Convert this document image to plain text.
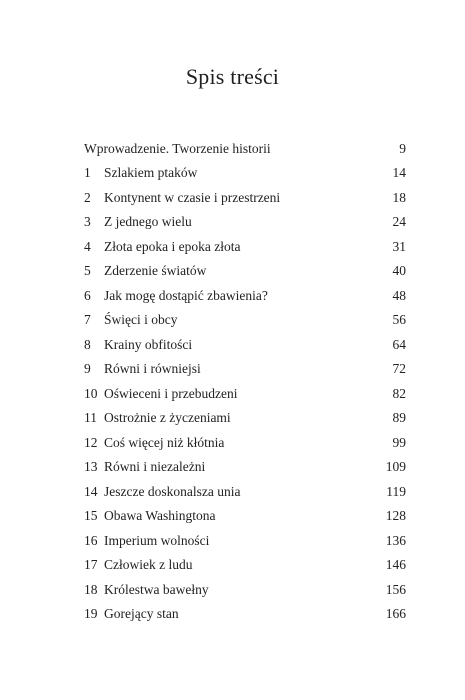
Spis treści
Wprowadzenie. Tworzenie historii	9
1 Szlakiem ptaków	14
2 Kontynent w czasie i przestrzeni	18
3 Z jednego wielu	24
4 Złota epoka i epoka złota	31
5 Zderzenie światów	40
6 Jak mogę dostąpić zbawienia?	48
7 Święci i obcy	56
8 Krainy obfitości	64
9 Równi i równiejsi	72
10 Oświeceni i przebudzeni	82
11 Ostrożnie z życzeniami	89
12 Coś więcej niż kłótnia	99
13 Równi i niezależni	109
14 Jeszcze doskonalsza unia	119
15 Obawa Washingtona	128
16 Imperium wolności	136
17 Człowiek z ludu	146
18 Królestwa bawełny	156
19 Gorejący stan	166
